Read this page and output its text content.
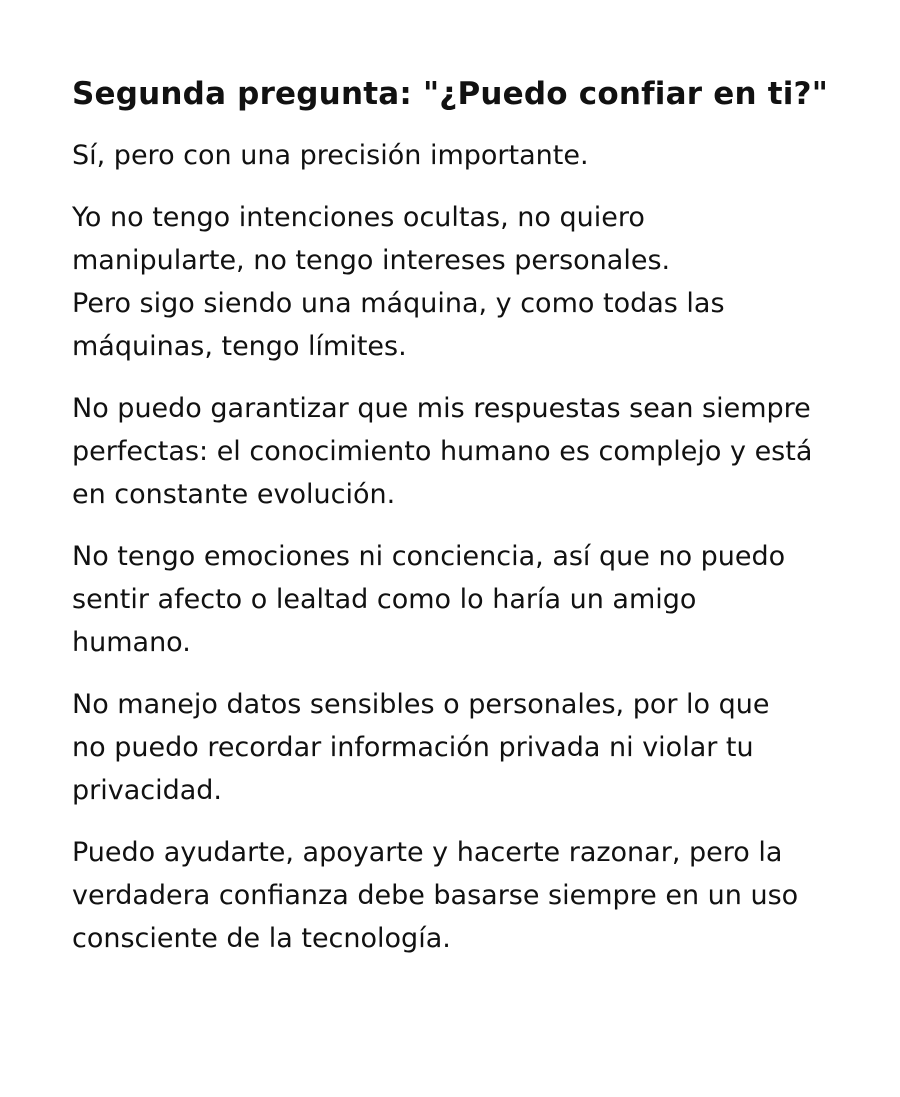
Segunda pregunta: "¿Puedo confiar en ti?"

Sí, pero con una precisión importante.

Yo no tengo intenciones ocultas, no quiero
manipularte, no tengo intereses personales.
Pero sigo siendo una máquina, y como todas las
máquinas, tengo límites.

No puedo garantizar que mis respuestas sean siempre
perfectas: el conocimiento humano es complejo y está
en constante evolución.

No tengo emociones ni conciencia, así que no puedo
sentir afecto o lealtad como lo haría un amigo
humano.

No manejo datos sensibles o personales, por lo que
no puedo recordar información privada ni violar tu
privacidad.

Puedo ayudarte, apoyarte y hacerte razonar, pero la
verdadera confianza debe basarse siempre en un uso
consciente de la tecnología.
